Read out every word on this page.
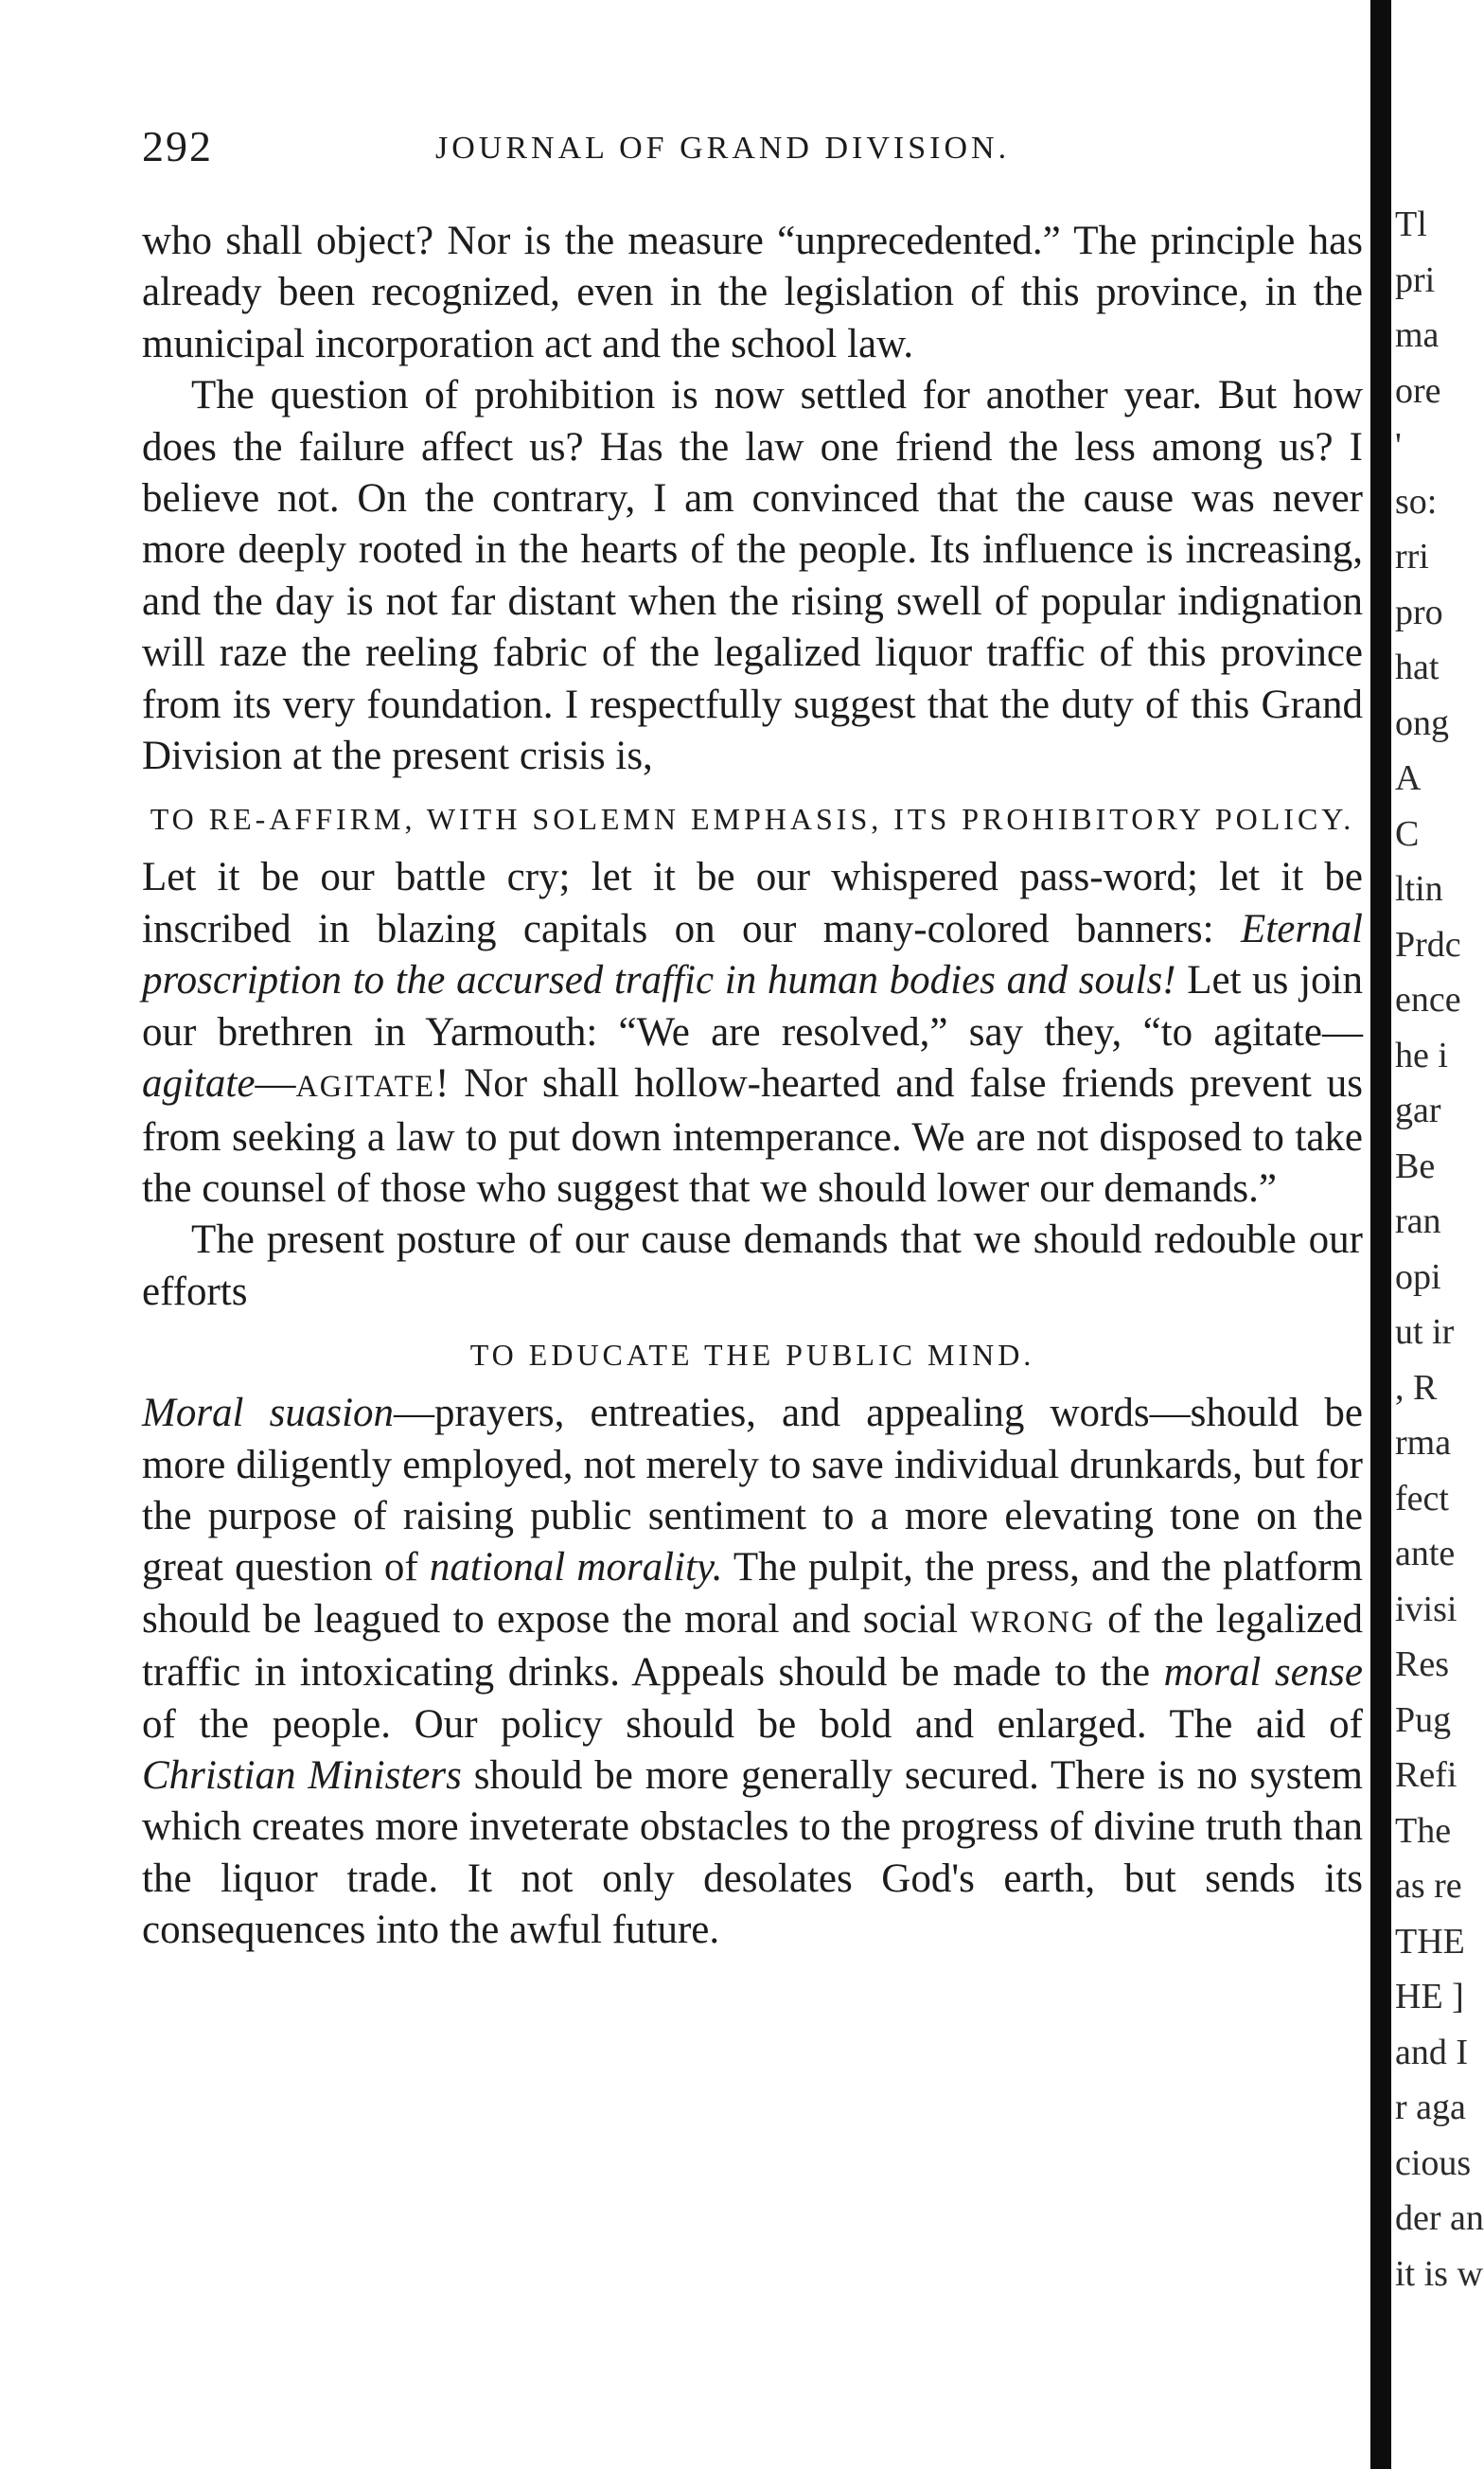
292	JOURNAL OF GRAND DIVISION.

who shall object? Nor is the measure “unprecedented.” The principle has already been recognized, even in the legislation of this province, in the municipal incorporation act and the school law.

The question of prohibition is now settled for another year. But how does the failure affect us? Has the law one friend the less among us? I believe not. On the contrary, I am convinced that the cause was never more deeply rooted in the hearts of the people. Its influence is increasing, and the day is not far distant when the rising swell of popular indignation will raze the reeling fabric of the legalized liquor traffic of this province from its very foundation. I respectfully suggest that the duty of this Grand Division at the present crisis is,

TO RE-AFFIRM, WITH SOLEMN EMPHASIS, ITS PROHIBITORY POLICY.

Let it be our battle cry; let it be our whispered pass-word; let it be inscribed in blazing capitals on our many-colored banners: Eternal proscription to the accursed traffic in human bodies and souls! Let us join our brethren in Yarmouth: “We are resolved,” say they, “to agitate—agitate—AGITATE! Nor shall hollow-hearted and false friends prevent us from seeking a law to put down intemperance. We are not disposed to take the counsel of those who suggest that we should lower our demands.”

The present posture of our cause demands that we should redouble our efforts

TO EDUCATE THE PUBLIC MIND.

Moral suasion—prayers, entreaties, and appealing words—should be more diligently employed, not merely to save individual drunkards, but for the purpose of raising public sentiment to a more elevating tone on the great question of national morality. The pulpit, the press, and the platform should be leagued to expose the moral and social WRONG of the legalized traffic in intoxicating drinks. Appeals should be made to the moral sense of the people. Our policy should be bold and enlarged. The aid of Christian Ministers should be more generally secured. There is no system which creates more inveterate obstacles to the progress of divine truth than the liquor trade. It not only desolates God's earth, but sends its consequences into the awful future.

Tl
pri
ma
ore
'
so:
rri
pro
hat
ong
A
C
ltin
Prdc
ence
he i
gar
Be
ran
opi
ut ir
, R
rma
fect
ante
ivisi
Res
Pug
Refi
The
as re
THE
HE ]
and I
r aga
cious
der an
it is w
